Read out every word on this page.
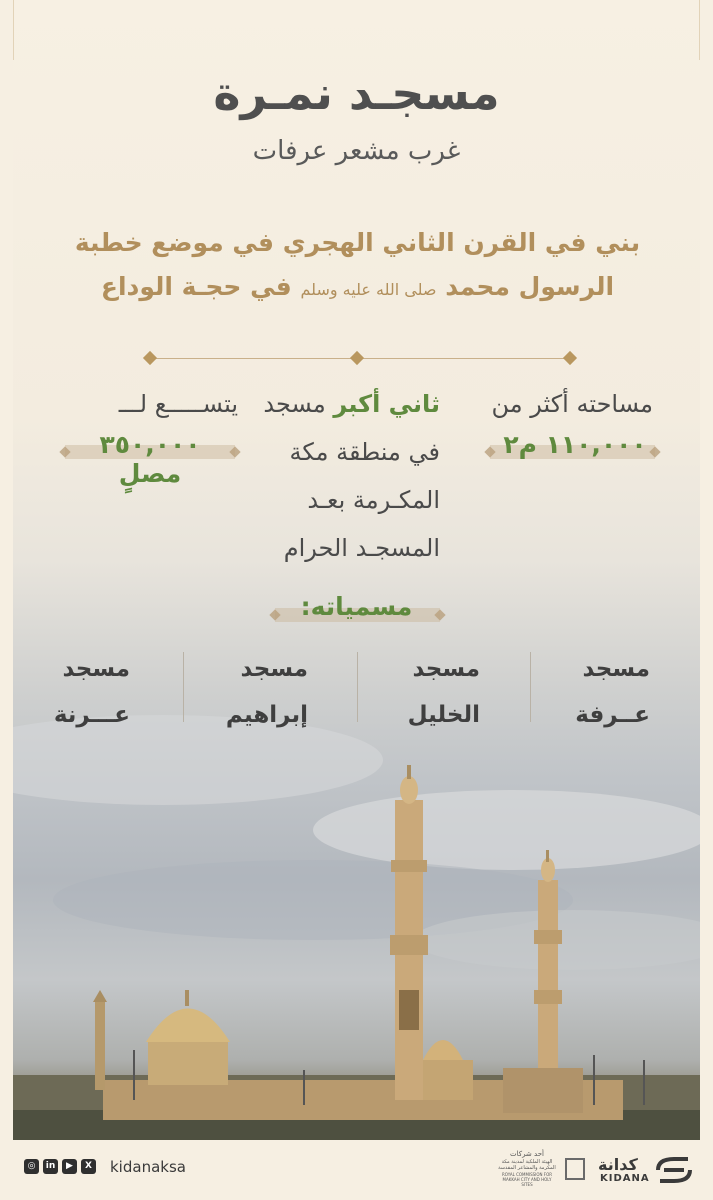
مسجـد نمـرة
غرب مشعر عرفات
بني في القرن الثاني الهجري في موضع خطبة
الرسول محمد صلى الله عليه وسلم في حجـة الوداع
مساحته أكثر من
١١٠,٠٠٠ م٢
ثاني أكبر مسجد
في منطقة مكة
المكـرمة بعـد
المسجـد الحرام
يتســـــع لـــ
٣٥٠,٠٠٠ مصلٍ
مسمياته:
مسجد
عــرفة
مسجد
الخليل
مسجد
إبراهيم
مسجد
عـــرنة
◎	in	▶	X kidanaksa
أحد شركات
الهيئة الملكية لمدينة مكة المكرمة والمشاعر المقدسة
ROYAL COMMISSION FOR MAKKAH CITY AND HOLY SITES
كدانة
KIDANA
